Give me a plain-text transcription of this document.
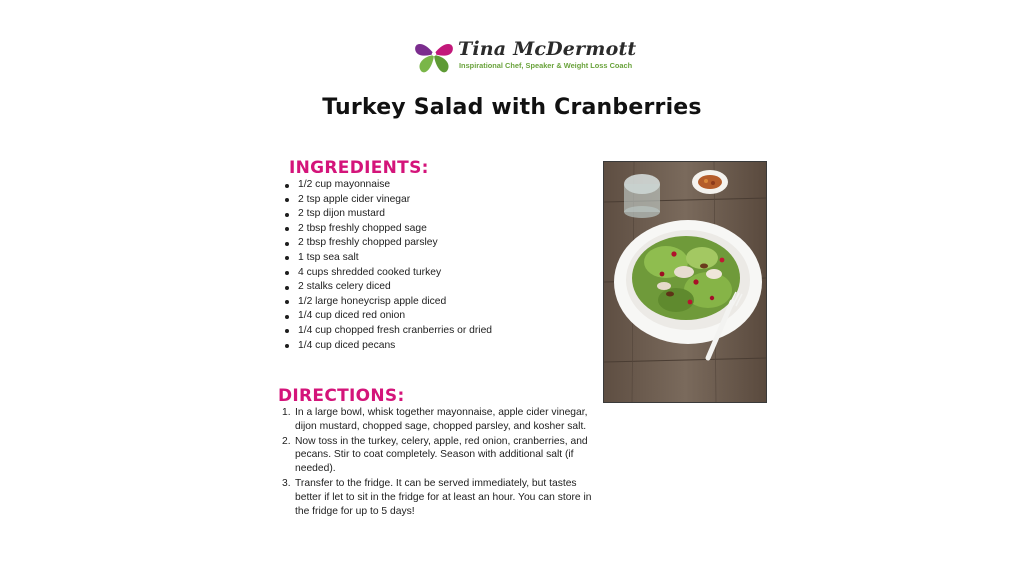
Tina McDermott
Inspirational Chef, Speaker & Weight Loss Coach
Turkey Salad with Cranberries
INGREDIENTS:
1/2 cup mayonnaise
2 tsp apple cider vinegar
2 tsp dijon mustard
2 tbsp freshly chopped sage
2 tbsp freshly chopped parsley
1 tsp sea salt
4 cups shredded cooked turkey
2 stalks celery diced
1/2 large honeycrisp apple diced
1/4 cup diced red onion
1/4 cup chopped fresh cranberries or dried
1/4 cup diced pecans
DIRECTIONS:
1. In a large bowl, whisk together mayonnaise, apple cider vinegar, dijon mustard, chopped sage, chopped parsley, and kosher salt.
2. Now toss in the turkey, celery, apple, red onion, cranberries, and pecans. Stir to coat completely. Season with additional salt (if needed).
3. Transfer to the fridge. It can be served immediately, but tastes better if let to sit in the fridge for at least an hour. You can store in the fridge for up to 5 days!
